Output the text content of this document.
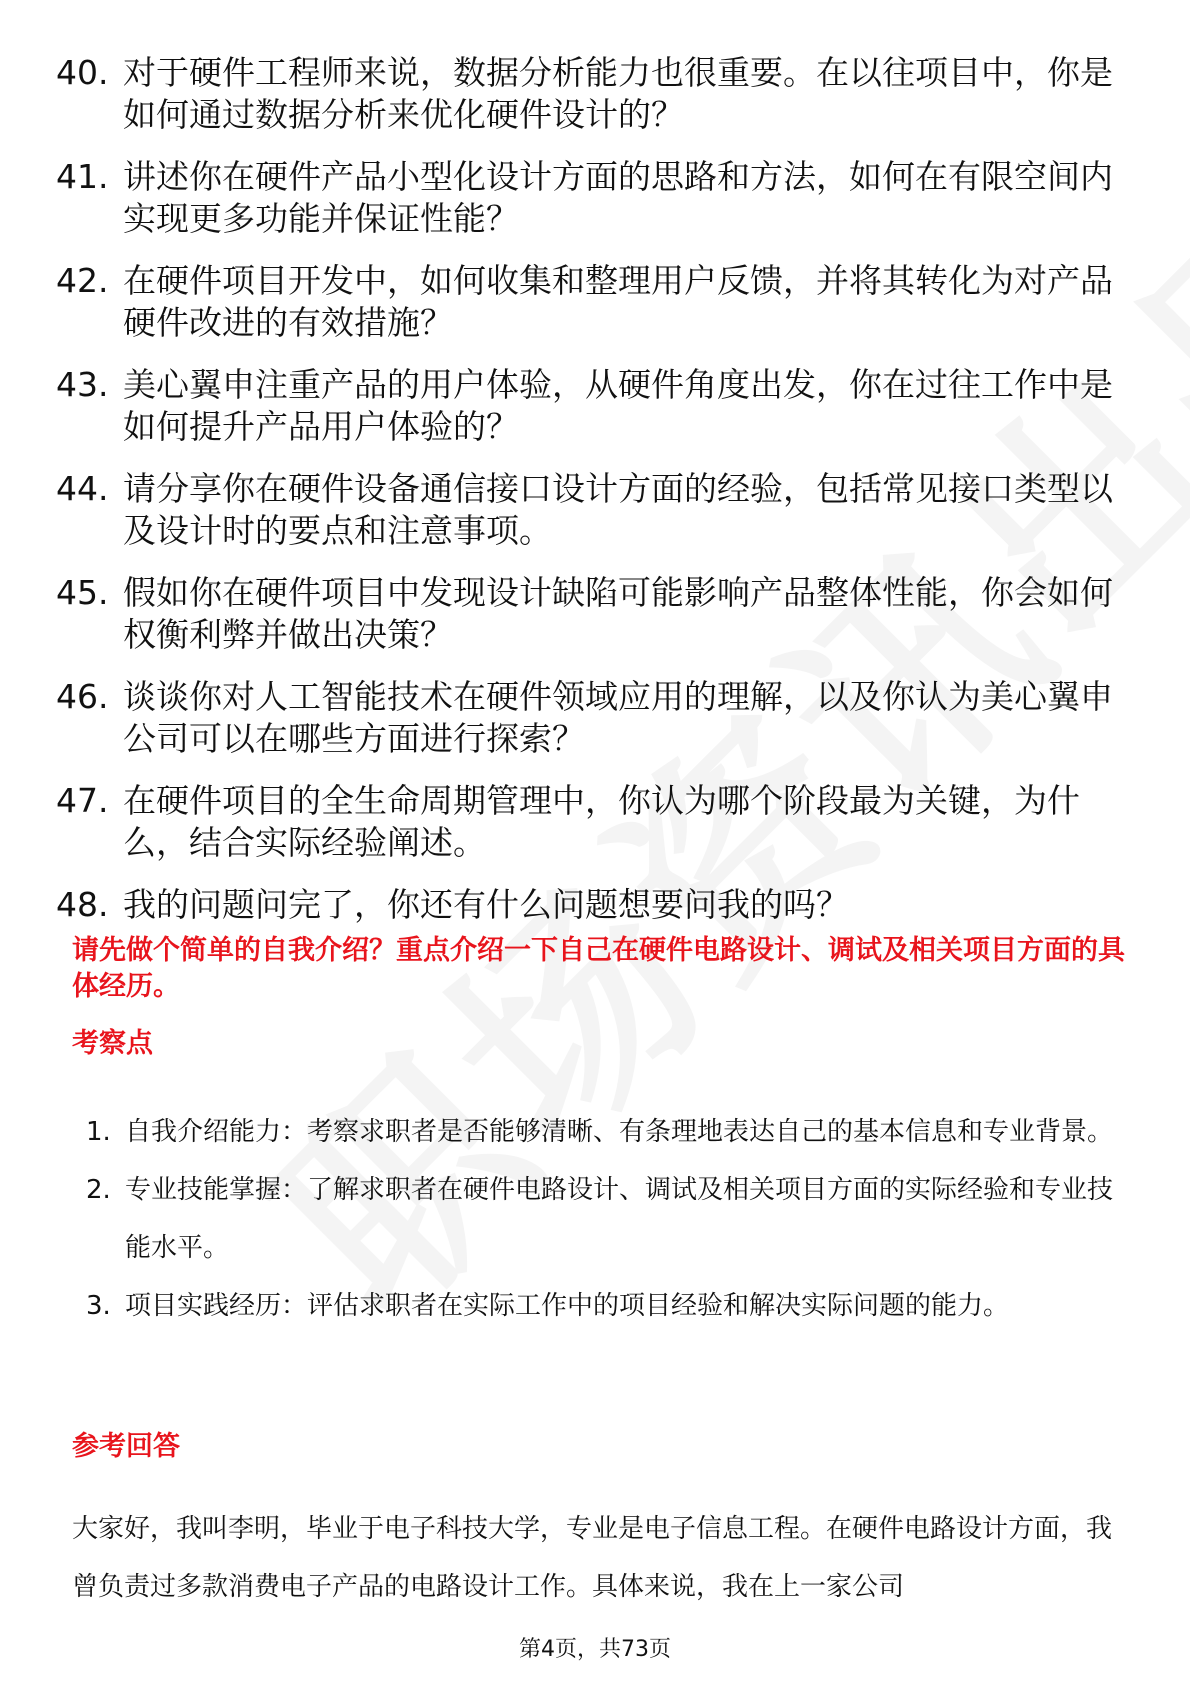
40. 对于硬件工程师来说，数据分析能力也很重要。在以往项目中，你是如何通过数据分析来优化硬件设计的？
41. 讲述你在硬件产品小型化设计方面的思路和方法，如何在有限空间内实现更多功能并保证性能？
42. 在硬件项目开发中，如何收集和整理用户反馈，并将其转化为对产品硬件改进的有效措施？
43. 美心翼申注重产品的用户体验，从硬件角度出发，你在过往工作中是如何提升产品用户体验的？
44. 请分享你在硬件设备通信接口设计方面的经验，包括常见接口类型以及设计时的要点和注意事项。
45. 假如你在硬件项目中发现设计缺陷可能影响产品整体性能，你会如何权衡利弊并做出决策？
46. 谈谈你对人工智能技术在硬件领域应用的理解，以及你认为美心翼申公司可以在哪些方面进行探索？
47. 在硬件项目的全生命周期管理中，你认为哪个阶段最为关键，为什么，结合实际经验阐述。
48. 我的问题问完了，你还有什么问题想要问我的吗？
请先做个简单的自我介绍？重点介绍一下自己在硬件电路设计、调试及相关项目方面的具体经历。
考察点
1. 自我介绍能力：考察求职者是否能够清晰、有条理地表达自己的基本信息和专业背景。
2. 专业技能掌握：了解求职者在硬件电路设计、调试及相关项目方面的实际经验和专业技能水平。
3. 项目实践经历：评估求职者在实际工作中的项目经验和解决实际问题的能力。
参考回答
大家好，我叫李明，毕业于电子科技大学，专业是电子信息工程。在硬件电路设计方面，我曾负责过多款消费电子产品的电路设计工作。具体来说，我在上一家公司
第4页，共73页
